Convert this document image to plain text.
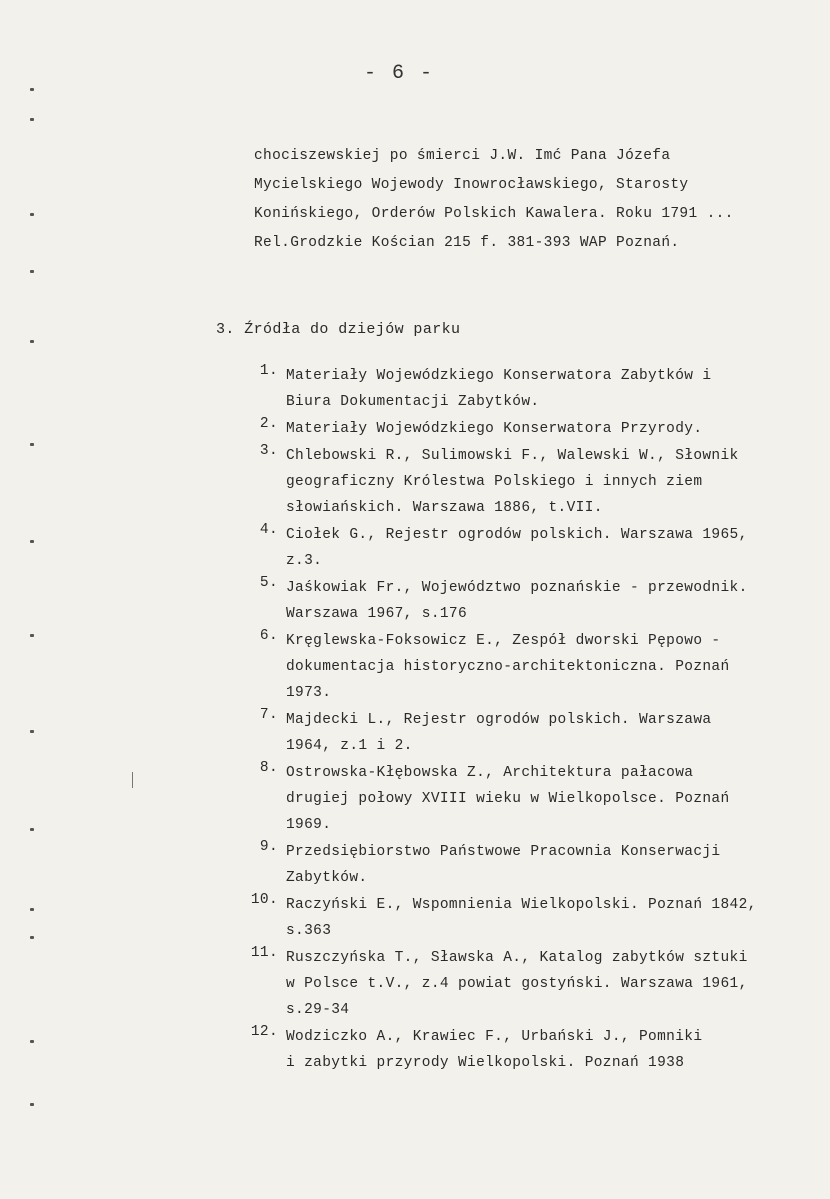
- 6 -
chociszewskiej po śmierci J.W. Imć Pana Józefa
Mycielskiego Wojewody Inowrocławskiego, Starosty
Konińskiego, Orderów Polskich Kawalera. Roku 1791 ...
Rel.Grodzkie Kościan 215 f. 381-393 WAP Poznań.
3. Źródła do dziejów parku
1. Materiały Wojewódzkiego Konserwatora Zabytków i
Biura Dokumentacji Zabytków.
2. Materiały Wojewódzkiego Konserwatora Przyrody.
3. Chlebowski R., Sulimowski F., Walewski W., Słownik
geograficzny Królestwa Polskiego i innych ziem
słowiańskich. Warszawa 1886, t.VII.
4. Ciołek G., Rejestr ogrodów polskich. Warszawa 1965,
z.3.
5. Jaśkowiak Fr., Województwo poznańskie - przewodnik.
Warszawa 1967, s.176
6. Kręglewska-Foksowicz E., Zespół dworski Pępowo -
dokumentacja historyczno-architektoniczna. Poznań
1973.
7. Majdecki L., Rejestr ogrodów polskich. Warszawa
1964, z.1 i 2.
8. Ostrowska-Kłębowska Z., Architektura pałacowa
drugiej połowy XVIII wieku w Wielkopolsce. Poznań
1969.
9. Przedsiębiorstwo Państwowe Pracownia Konserwacji
Zabytków.
10. Raczyński E., Wspomnienia Wielkopolski. Poznań 1842,
s.363
11. Ruszczyńska T., Sławska A., Katalog zabytków sztuki
w Polsce t.V., z.4 powiat gostyński. Warszawa 1961,
s.29-34
12. Wodziczko A., Krawiec F., Urbański J., Pomniki
i zabytki przyrody Wielkopolski. Poznań 1938
